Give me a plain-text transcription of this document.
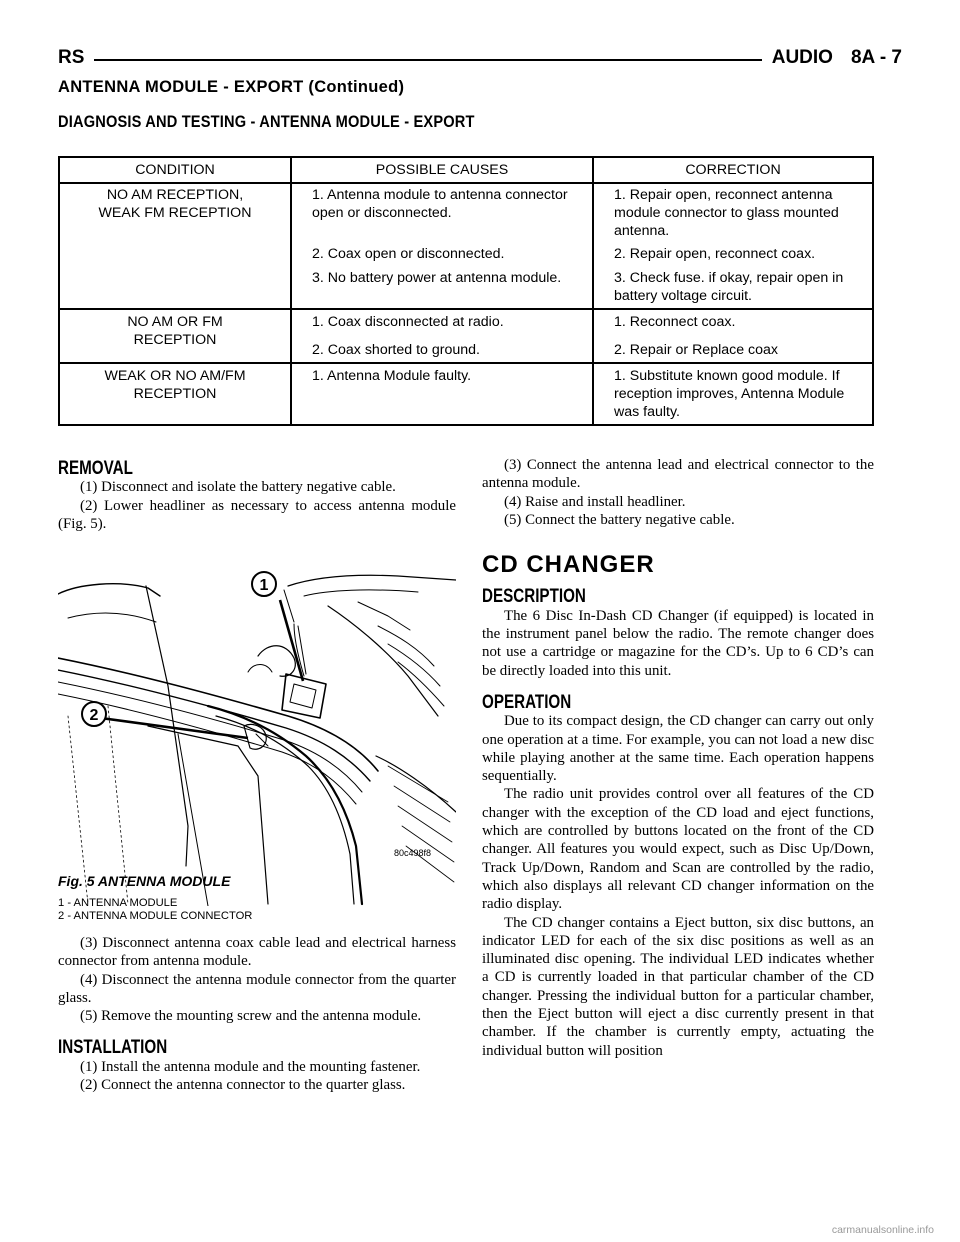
RS	AUDIO 8A - 7
ANTENNA MODULE - EXPORT (Continued)
DIAGNOSIS AND TESTING - ANTENNA MODULE - EXPORT
CONDITION	POSSIBLE CAUSES	CORRECTION

NO AM RECEPTION,
WEAK FM RECEPTION	1. Antenna module to antenna connector open or disconnected.	1. Repair open, reconnect antenna module connector to glass mounted antenna.
	2. Coax open or disconnected.	2. Repair open, reconnect coax.
	3. No battery power at antenna module.	3. Check fuse. if okay, repair open in battery voltage circuit.

NO AM OR FM
RECEPTION	1. Coax disconnected at radio.	1. Reconnect coax.
	2. Coax shorted to ground.	2. Repair or Replace coax

WEAK OR NO AM/FM
RECEPTION	1. Antenna Module faulty.	1. Substitute known good module. If reception improves, Antenna Module was faulty.
REMOVAL

(1) Disconnect and isolate the battery negative cable.

(2) Lower headliner as necessary to access antenna module (Fig. 5).

1
2
80c498f8
Fig. 5 ANTENNA MODULE
1 - ANTENNA MODULE
2 - ANTENNA MODULE CONNECTOR

(3) Disconnect antenna coax cable lead and electrical harness connector from antenna module.

(4) Disconnect the antenna module connector from the quarter glass.

(5) Remove the mounting screw and the antenna module.

INSTALLATION

(1) Install the antenna module and the mounting fastener.

(2) Connect the antenna connector to the quarter glass.

(3) Connect the antenna lead and electrical connector to the antenna module.

(4) Raise and install headliner.

(5) Connect the battery negative cable.

CD CHANGER
DESCRIPTION

The 6 Disc In-Dash CD Changer (if equipped) is located in the instrument panel below the radio. The remote changer does not use a cartridge or magazine for the CD’s. Up to 6 CD’s can be directly loaded into this unit.

OPERATION

Due to its compact design, the CD changer can carry out only one operation at a time. For example, you can not load a new disc while playing another at the same time. Each operation happens sequentially.

The radio unit provides control over all features of the CD changer with the exception of the CD load and eject functions, which are controlled by buttons located on the front of the CD changer. All features you would expect, such as Disc Up/Down, Track Up/Down, Random and Scan are controlled by the radio, which also displays all relevant CD changer information on the radio display.

The CD changer contains a Eject button, six disc buttons, an indicator LED for each of the six disc positions as well as an illuminated disc opening. The individual LED indicates whether a CD is currently loaded in that particular chamber of the CD changer. Pressing the individual button for a particular chamber, then the Eject button will eject a disc currently present in that chamber. If the chamber is currently empty, actuating the individual button will position

carmanualsonline.info
